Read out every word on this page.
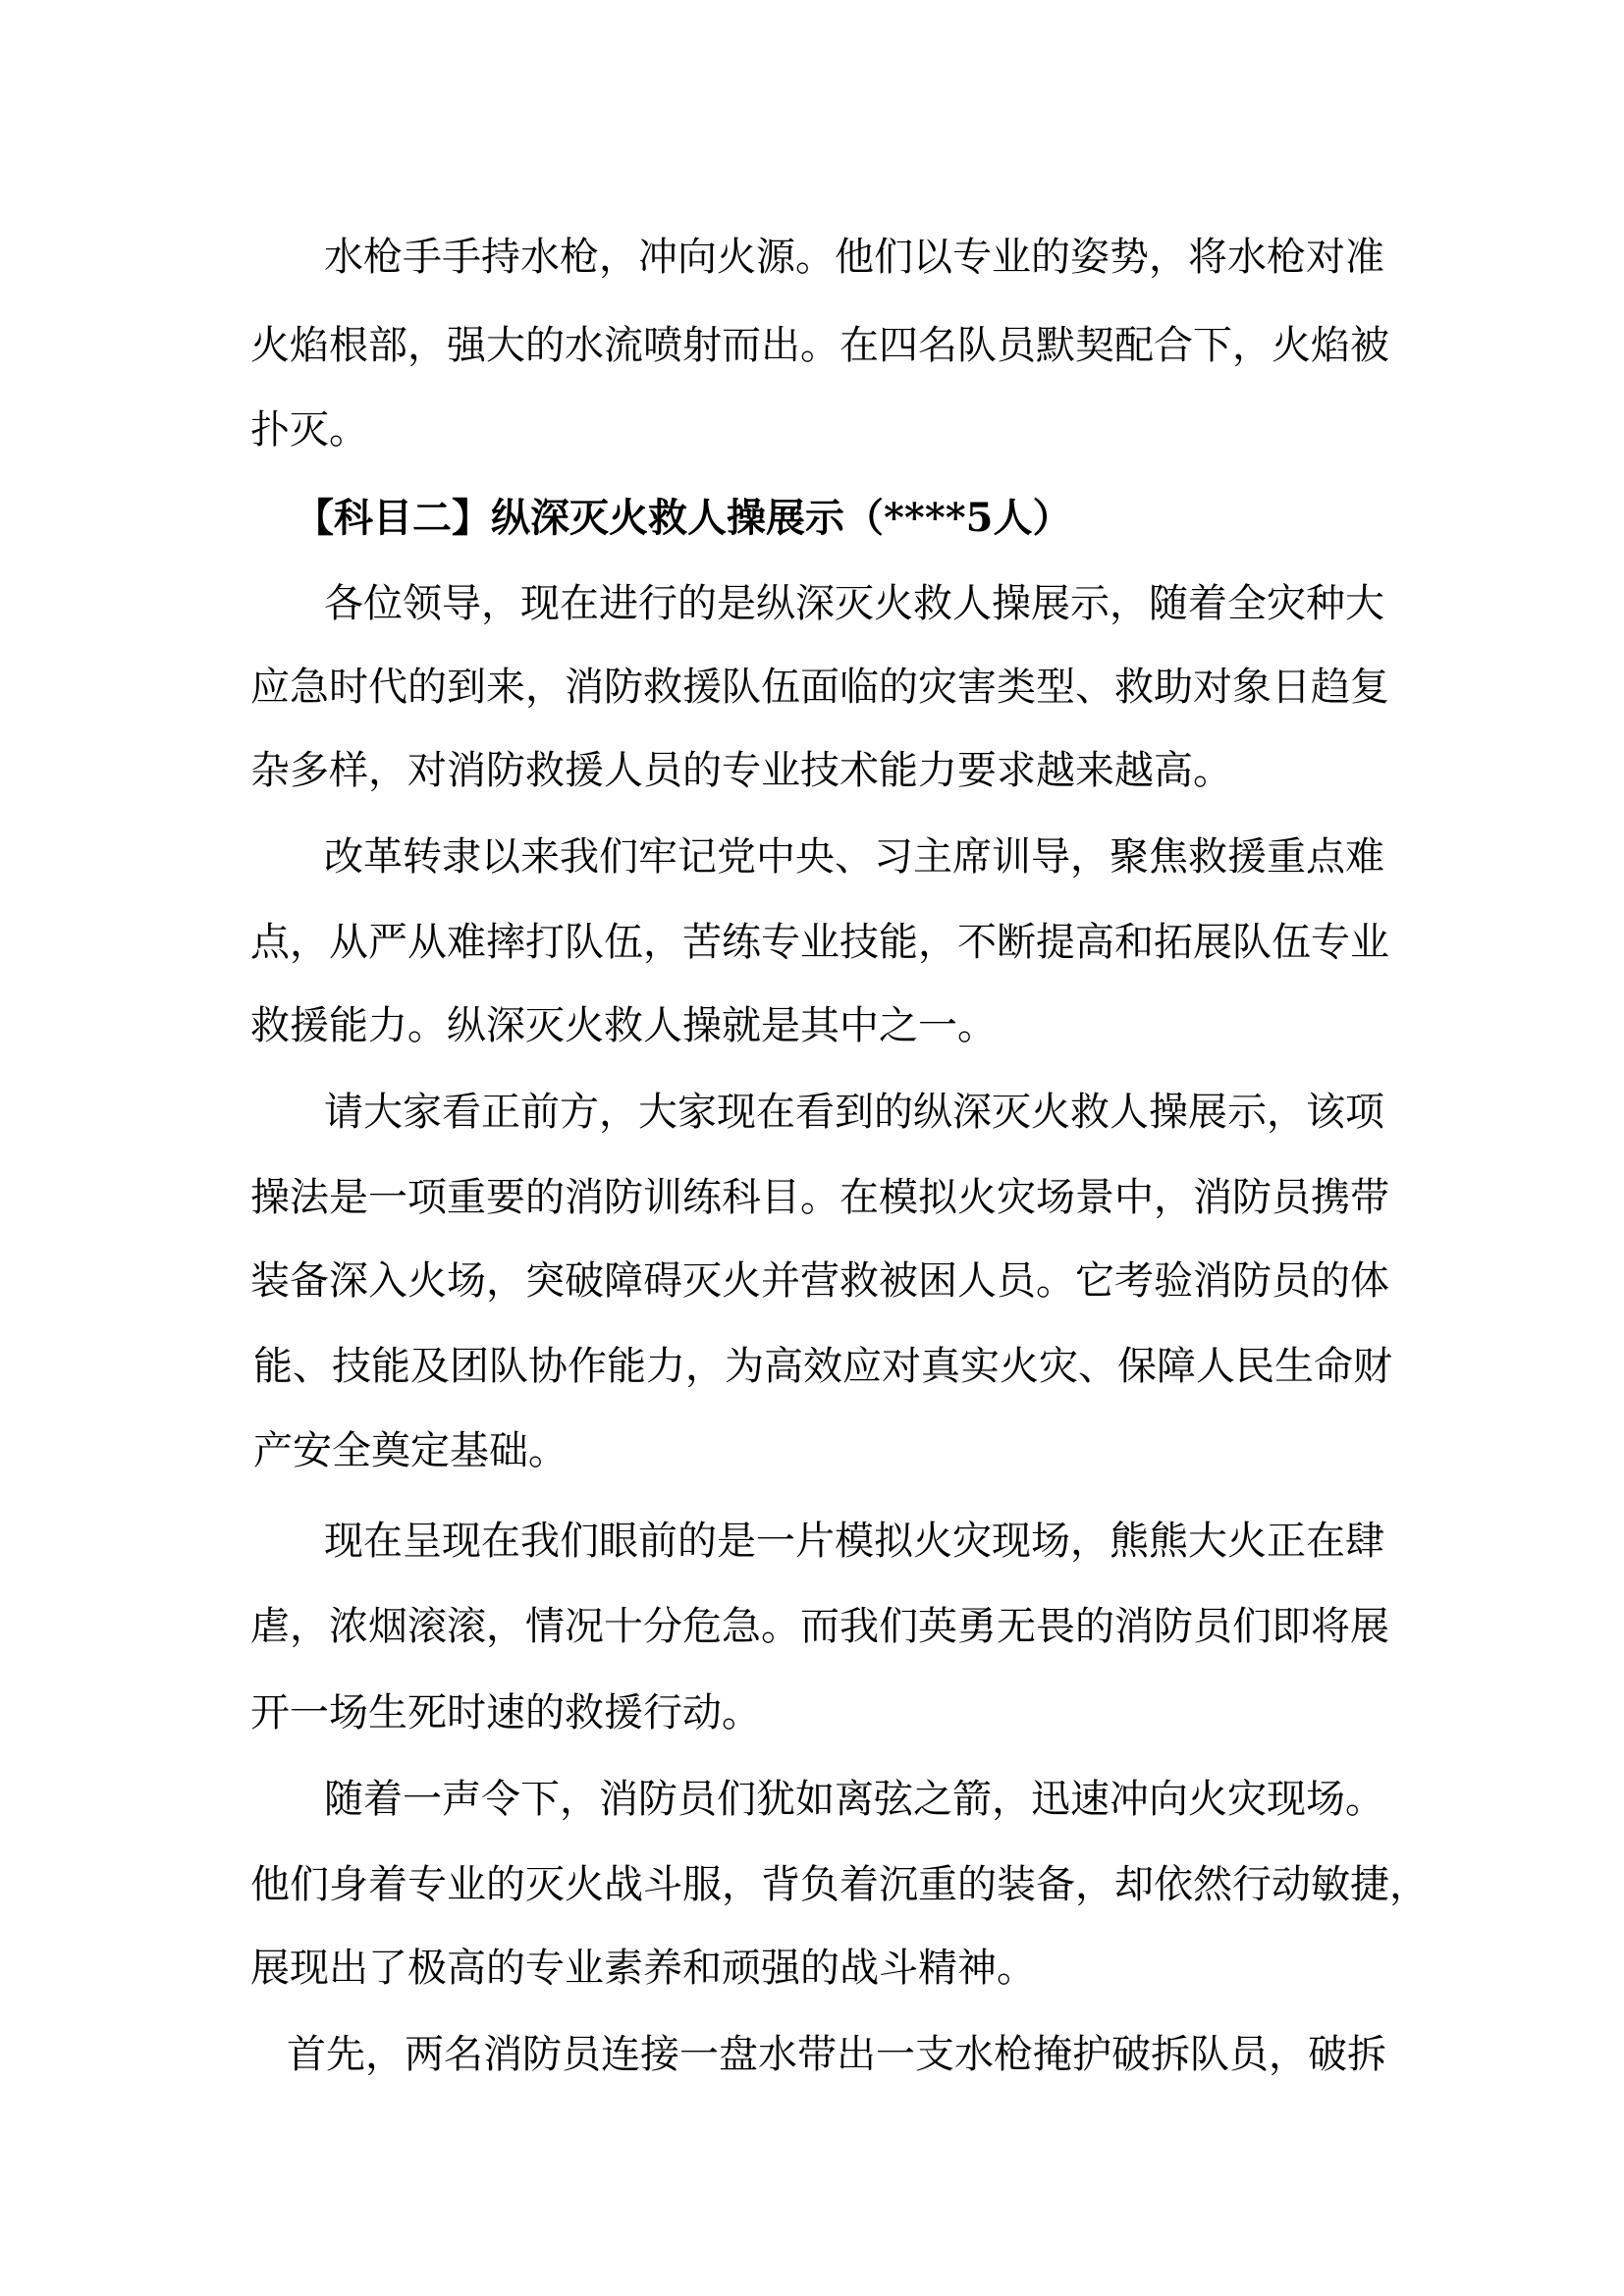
水枪手手持水枪，冲向火源。他们以专业的姿势，将水枪对准
火焰根部，强大的水流喷射而出。在四名队员默契配合下，火焰被
扑灭。
【科目二】纵深灭火救人操展示（****5人）
各位领导，现在进行的是纵深灭火救人操展示，随着全灾种大
应急时代的到来，消防救援队伍面临的灾害类型、救助对象日趋复
杂多样，对消防救援人员的专业技术能力要求越来越高。
改革转隶以来我们牢记党中央、习主席训导，聚焦救援重点难
点，从严从难摔打队伍，苦练专业技能，不断提高和拓展队伍专业
救援能力。纵深灭火救人操就是其中之一。
请大家看正前方，大家现在看到的纵深灭火救人操展示，该项
操法是一项重要的消防训练科目。在模拟火灾场景中，消防员携带
装备深入火场，突破障碍灭火并营救被困人员。它考验消防员的体
能、技能及团队协作能力，为高效应对真实火灾、保障人民生命财
产安全奠定基础。
现在呈现在我们眼前的是一片模拟火灾现场，熊熊大火正在肆
虐，浓烟滚滚，情况十分危急。而我们英勇无畏的消防员们即将展
开一场生死时速的救援行动。
随着一声令下，消防员们犹如离弦之箭，迅速冲向火灾现场。
他们身着专业的灭火战斗服，背负着沉重的装备，却依然行动敏捷，
展现出了极高的专业素养和顽强的战斗精神。
首先，两名消防员连接一盘水带出一支水枪掩护破拆队员，破拆
